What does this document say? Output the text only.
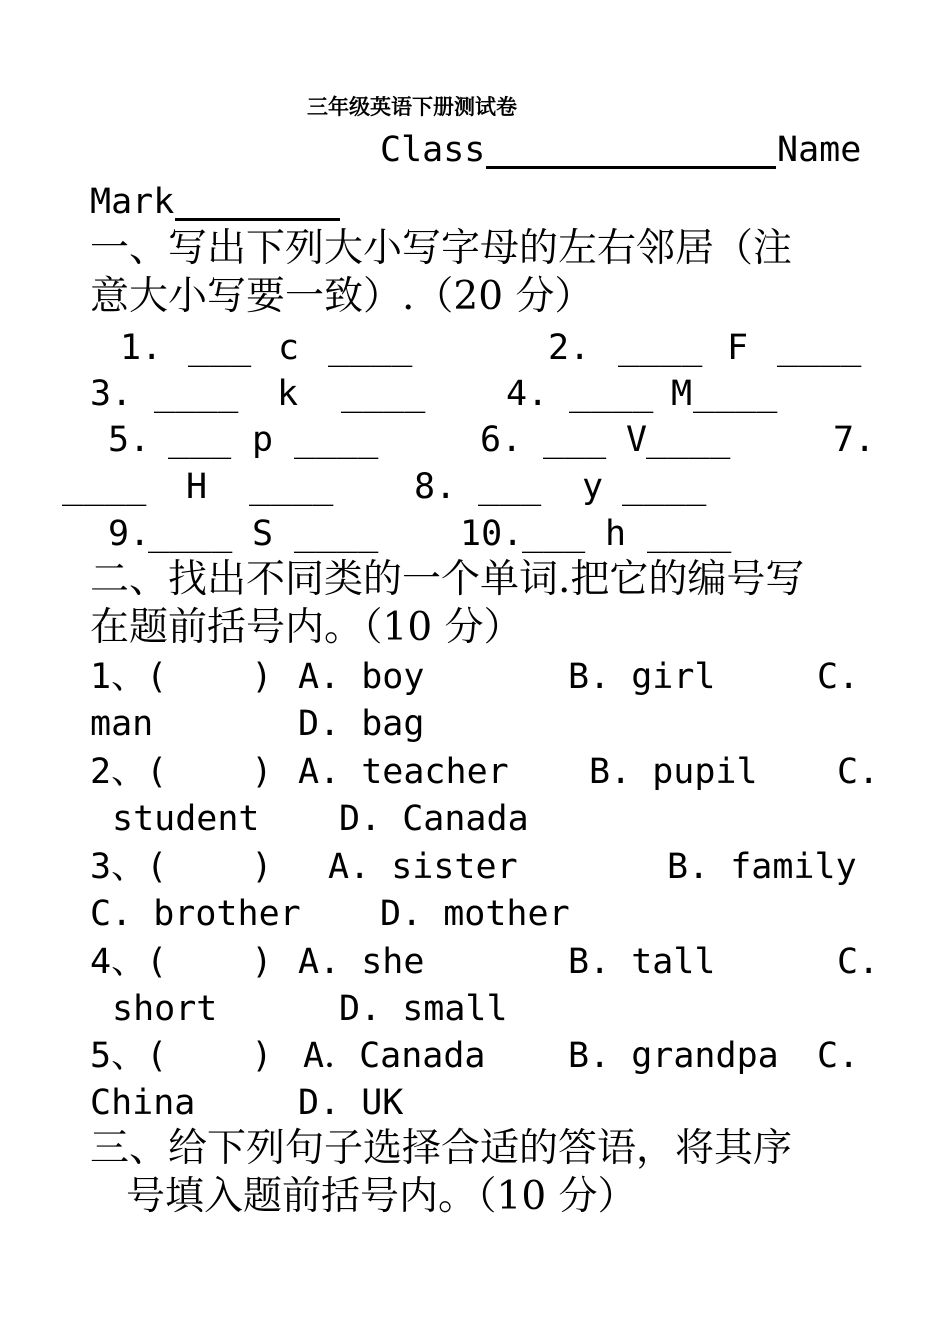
三年级英语下册测试卷
Class	Name
Mark
一、写出下列大小写字母的左右邻居（注
意大小写要一致）.（20 分）
1. ___ c ____	2. ____ F ____
3. ____ k ____ 4. ____ M ____
5. ___ p ____	6. ___ V
____	7.
____ H ____ 8. ___ y ____
9.
____ S ____ 10.
___ h ____
二、找出不同类的一个单词.把它的编号写
在题前括号内。（10 分）
1、(    ) A. boy	B. girl	C.
man	D. bag
2、(    ) A. teacher B. pupil C.
student D. Canada
3、(    ) A. sister	B. family
C. brother D. mother
4、(    ) A. she	B. tall	C.
short	D. small
5、(    ) A．Canada B. grandpa C.
China	D. UK
三、给下列句子选择合适的答语，将其序
号填入题前括号内。（10 分）
